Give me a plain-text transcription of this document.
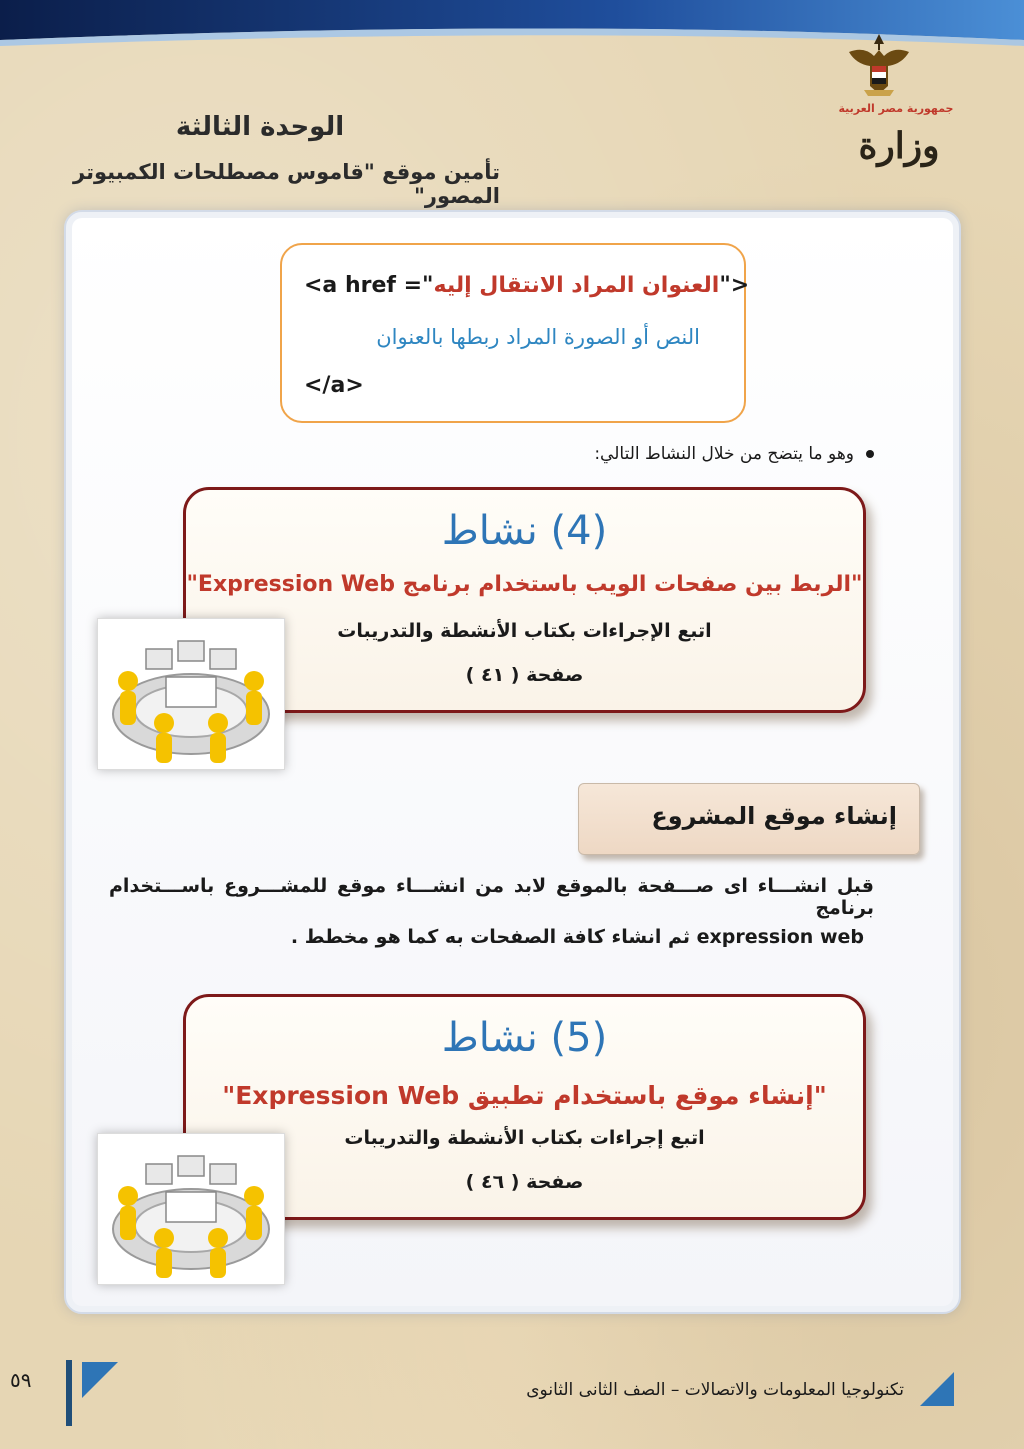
جمهورية مصر العربية
وزارة
الوحدة الثالثة
تأمين موقع "قاموس مصطلحات الكمبيوتر المصور"
<a href ="العنوان المراد الانتقال إليه">
النص أو الصورة المراد ربطها بالعنوان
</a>
وهو ما يتضح من خلال النشاط التالي:
نشاط (4)
"الربط بين صفحات الويب باستخدام برنامج Expression Web"
اتبع الإجراءات بكتاب الأنشطة والتدريبات
صفحة ( ٤١ )
إنشاء موقع المشروع
قبل انشـــاء اى صـــفحة بالموقع لابد من انشـــاء موقع للمشـــروع باســـتخدام برنامج
expression web ثم انشاء كافة الصفحات به كما هو مخطط .
نشاط (5)
"إنشاء موقع باستخدام تطبيق Expression Web"
اتبع إجراءات بكتاب الأنشطة والتدريبات
صفحة ( ٤٦ )
٥٩	تكنولوجيا المعلومات والاتصالات – الصف الثانى الثانوى
